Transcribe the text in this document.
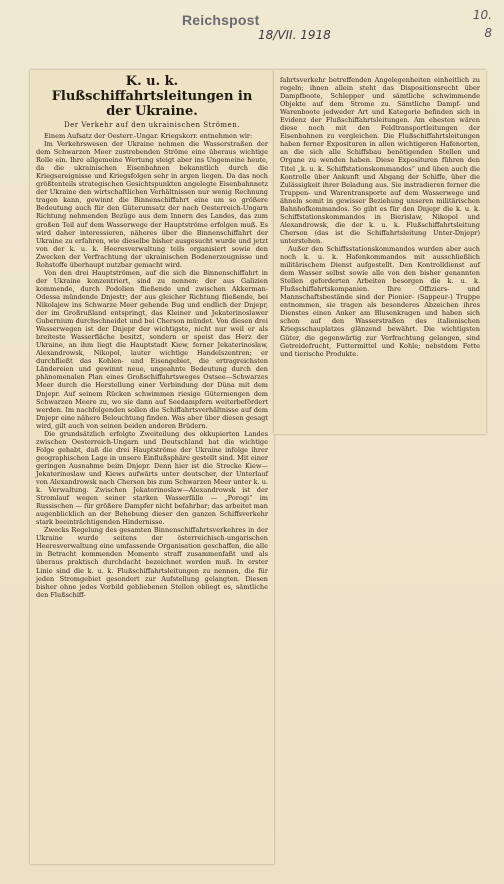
Reichspost
18/VII. 1918
10.
8
K. u. k. Flußschiffahrtsleitungen in der Ukraine.
Der Verkehr auf den ukrainischen Strömen.

Einem Aufsatz der Oesterr.-Ungar. Kriegskorr. entnehmen wir:

Im Verkehrswesen der Ukraine nehmen die Wasserstraßen der dem Schwarzen Meer zustrebenden Ströme eine überaus wichtige Rolle ein. Ihre allgemeine Wertung steigt aber ins Ungemeine heute, da die ukrainischen Eisenbahnen bekanntlich durch die Kriegsereignisse und Kriegsfolgen sehr in argen liegen. Da das noch größtenteils strategischen Gesichtspunkten angelegte Eisenbahnnetz der Ukraine den wirtschaftlichen Verhältnissen nur wenig Rechnung tragen kann, gewinnt die Binnenschiffahrt eine um so größere Bedeutung auch für den Güterumsatz der nach Oesterreich-Ungarn Richtung nehmenden Bezüge aus dem Innern des Landes, das zum großen Teil auf dem Wasserwege der Hauptströme erfolgen muß. Es wird daher interessieren, näheres über die Binnenschiffahrt der Ukraine zu erfahren, wie dieselbe bisher ausgesucht wurde und jetzt von der k. u. k. Heeresverwaltung teils organisiert sowie den Zwecken der Verfrachtung der ukrainischen Bodenerzeugnisse und Rohstoffe überhaupt nutzbar gemacht wird.

Von den drei Hauptströmen, auf die sich die Binnenschiffahrt in der Ukraine konzentriert, sind zu nennen: der aus Galizien kommende, durch Podolien fließende und zwischen Akkerman-Odessa mündende Dnjestr; der aus gleicher Richtung fließende, bei Nikolajew ins Schwarze Meer gehende Bug und endlich der Dnjepr, der im Großrußland entspringt, das Kleiner und Jekaterinoslawer Gubernium durchschneidet und bei Cherson mündet. Von diesen drei Wasserwegen ist der Dnjepr der wichtigste, nicht nur weil er als breiteste Wasserfläche besitzt, sondern er speist das Herz der Ukraine, an ihm liegt die Hauptstadt Kiew, ferner Jekaterinoslaw, Alexandrowsk, Nikopol, lauter wichtige Handelszentren; er durchfließt das Kohlen- und Eisengebiet, die ertragreichsten Ländereien und gewinnt neue, ungeahnte Bedeutung durch den phänomenalen Plan eines Großschiffahrtsweges Ostsee—Schwarzes Meer durch die Herstellung einer Verbindung der Düna mit dem Dnjepr. Auf seinem Rücken schwimmen riesige Gütermengen dem Schwarzen Meere zu, wo sie dann auf Seedampfern weiterbefördert werden. Im nachfolgenden sollen die Schiffahrtsverhältnisse auf dem Dnjepr eine nähere Beleuchtung finden. Was aber über diesen gesagt wird, gilt auch von seinen beiden anderen Brüdern.

Die grundsätzlich erfolgte Zweiteilung des okkupierten Landes zwischen Oesterreich-Ungarn und Deutschland hat die wichtige Folge gehabt, daß die drei Hauptströme der Ukraine infolge ihrer geographischen Lage in unsere Einflußsphäre gestellt sind. Mit einer geringen Ausnahme beim Dnjepr. Denn hier ist die Strecke Kiew—Jekaterinoslaw und Kiews aufwärts unter deutscher, der Unterlauf von Alexandrowsk nach Cherson bis zum Schwarzen Meer unter k. u. k. Verwaltung. Zwischen Jekaterinoslaw—Alexandrowsk ist der Stromlauf wegen seiner starken Wasserfälle — „Porogi“ im Russischen — für größere Dampfer nicht befahrbar; das arbeitet man augenblicklich an der Behebung dieser den ganzen Schiffsverkehr stark beeinträchtigenden Hindernisse.

Zwecks Regelung des gesamten Binnenschiffahrtsverkehres in der Ukraine wurde seitens der österreichisch-ungarischen Heeresverwaltung eine umfassende Organisation geschaffen, die alle in Betracht kommenden Momente straff zusammenfaßt und als überaus praktisch durchdacht bezeichnet werden muß. In erster Linie sind die k. u. k. Flußschiffahrtsleitungen zu nennen, die für jeden Stromgebiet gesondert zur Aufstellung gelangten. Diesen bisher ohne jedes Vorbild gebliebenen Stellen obliegt es, sämtliche den Flußschiff-

fahrtsverkehr betreffenden Angelegenheiten einheitlich zu regeln; ihnen allein steht das Dispositionsrecht über Dampfboote, Schlepper und sämtliche schwimmende Objekte auf dem Strome zu. Sämtliche Dampf- und Warenboote jedweder Art und Kategorie befinden sich in Evidenz der Flußschiffahrtsleitungen. Am ehesten wären diese noch mit den Feldtransportleitungen der Eisenbahnen zu vergleichen. Die Flußschiffahrtsleitungen haben ferner Exposituren in allen wichtigeren Hafenorten, an die sich alle Schiffsbau benötigenden Stellen und Organe zu wenden haben. Diese Exposituren führen den Titel „k. u. k. Schiffstationskommandos“ und üben auch die Kontrolle über Ankunft und Abgang der Schiffe, über die Zulässigkeit ihrer Beladung aus. Sie instradieren ferner die Truppen- und Warentransporte auf dem Wasserwege und ähneln somit in gewisser Beziehung unseren militärischen Bahnhofkommandos. So gibt es für den Dnjepr die k. u. k. Schiffstationskommandos in Bierislaw, Nikopol und Alexandrowsk, die der k. u. k. Flußschiffahrtsleitung Cherson (das ist die Schiffahrtsleitung Unter-Dnjepr) unterstehen.

Außer den Schiffsstationskommandos wurden aber auch noch k. u. k. Hafenkommandos mit ausschließlich militärischem Dienst aufgestellt. Den Kontrolldienst auf dem Wasser selbst sowie alle von den bisher genannten Stellen geforderten Arbeiten besorgen die k. u. k. Flußschiffahrtskompanien. Ihre Offiziers- und Mannschaftsbestände sind der Pionier- (Sappeur-) Truppe entnommen, sie tragen als besonderes Abzeichen ihres Dienstes einen Anker am Blusenkragen und haben sich schon auf den Wasserstraßen des italienischen Kriegsschauplatzes glänzend bewährt. Die wichtigsten Güter, die gegenwärtig zur Verfrachtung gelangen, sind Getreidefrucht, Futtermittel und Kohle; nebstdem Fette und tierische Produkte.
